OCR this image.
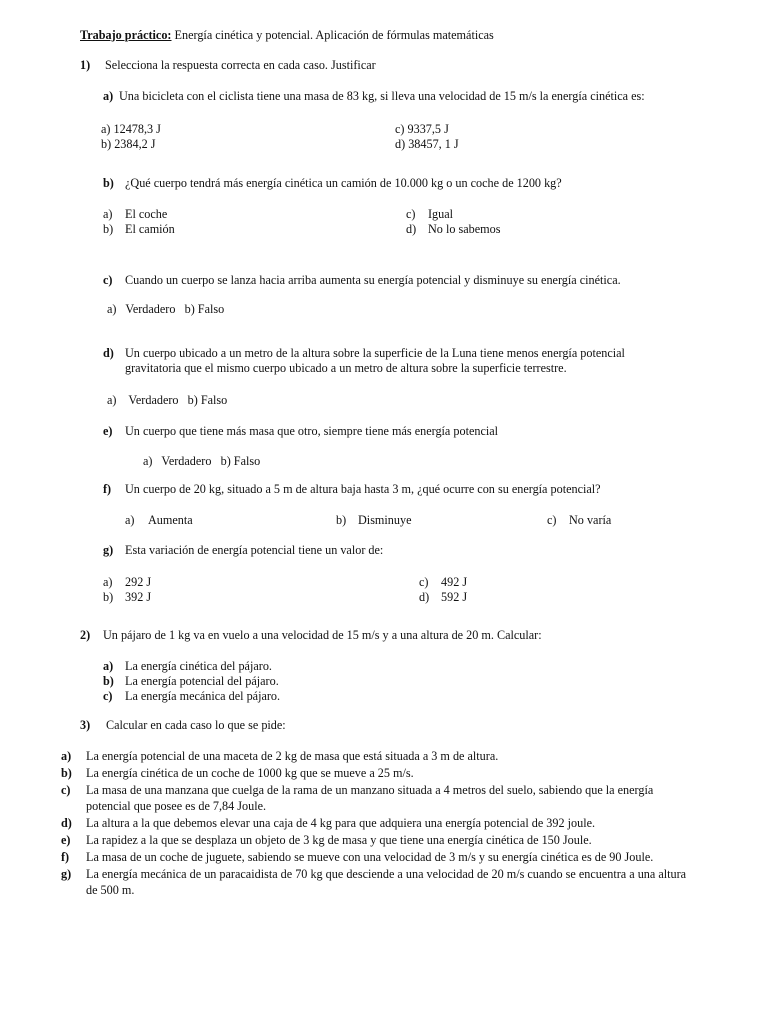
Trabajo práctico: Energía cinética y potencial. Aplicación de fórmulas matemáticas
1) Selecciona la respuesta correcta en cada caso. Justificar
a) Una bicicleta con el ciclista tiene una masa de 83 kg, si lleva una velocidad de 15 m/s la energía cinética es:
a) 12478,3 J
b) 2384,2 J
c) 9337,5 J
d) 38457, 1 J
b) ¿Qué cuerpo tendrá más energía cinética un camión de 10.000 kg o un coche de 1200 kg?
a) El coche
b) El camión
c) Igual
d) No lo sabemos
c) Cuando un cuerpo se lanza hacia arriba aumenta su energía potencial y disminuye su energía cinética.
a)   Verdadero   b) Falso
d) Un cuerpo ubicado a un metro de la altura sobre la superficie de la Luna tiene menos energía potencial
gravitatoria que el mismo cuerpo ubicado a un metro de altura sobre la superficie terrestre.
a)    Verdadero   b) Falso
e) Un cuerpo que tiene más masa que otro, siempre tiene más energía potencial
a)   Verdadero   b) Falso
f) Un cuerpo de 20 kg, situado a 5 m de altura baja hasta 3 m, ¿qué ocurre con su energía potencial?
a) Aumenta	b) Disminuye	c) No varía
g) Esta variación de energía potencial tiene un valor de:
a) 292 J
b) 392 J
c) 492 J
d) 592 J
2) Un pájaro de 1 kg va en vuelo a una velocidad de 15 m/s y a una altura de 20 m. Calcular:
a) La energía cinética del pájaro.
b) La energía potencial del pájaro.
c) La energía mecánica del pájaro.
3) Calcular en cada caso lo que se pide:
a) La energía potencial de una maceta de 2 kg de masa que está situada a 3 m de altura.
b) La energía cinética de un coche de 1000 kg que se mueve a 25 m/s.
c) La masa de una manzana que cuelga de la rama de un manzano situada a 4 metros del suelo, sabiendo que la energía
potencial que posee es de 7,84 Joule.
d) La altura a la que debemos elevar una caja de 4 kg para que adquiera una energía potencial de 392 joule.
e) La rapidez a la que se desplaza un objeto de 3 kg de masa y que tiene una energía cinética de 150 Joule.
f) La masa de un coche de juguete, sabiendo se mueve con una velocidad de 3 m/s y su energía cinética es de 90 Joule.
g) La energía mecánica de un paracaidista de 70 kg que desciende a una velocidad de 20 m/s cuando se encuentra a una altura
de 500 m.
